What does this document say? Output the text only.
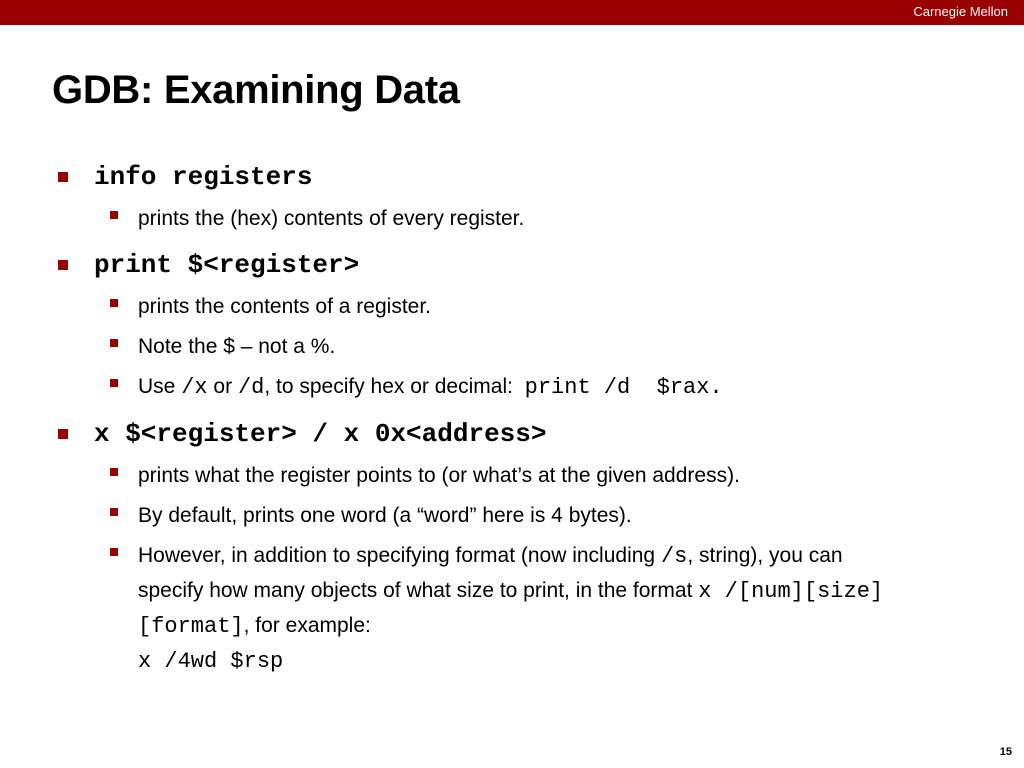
Carnegie Mellon
GDB: Examining Data
info registers
prints the (hex) contents of every register.
print $<register>
prints the contents of a register.
Note the $ – not a %.
Use /x or /d, to specify hex or decimal:  print /d  $rax.
x $<register> / x 0x<address>
prints what the register points to (or what’s at the given address).
By default, prints one word (a “word” here is 4 bytes).
However, in addition to specifying format (now including /s, string), you can specify how many objects of what size to print, in the format x /[num][size][format], for example:
x /4wd $rsp
15
